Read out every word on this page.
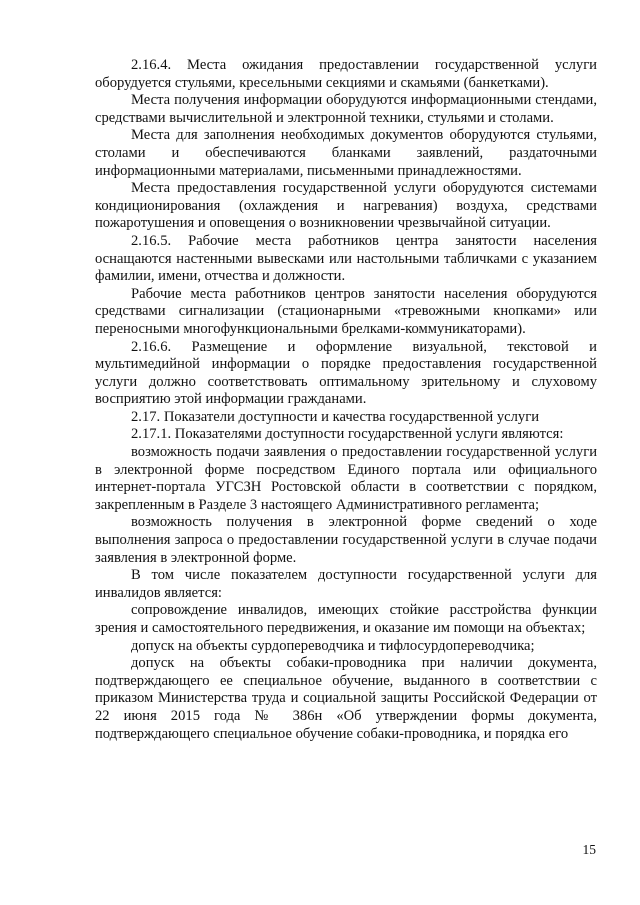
2.16.4. Места ожидания предоставлении государственной услуги оборудуется стульями, кресельными секциями и скамьями (банкетками).

Места получения информации оборудуются информационными стендами, средствами вычислительной и электронной техники, стульями и столами.

Места для заполнения необходимых документов оборудуются стульями, столами и обеспечиваются бланками заявлений, раздаточными информационными материалами, письменными принадлежностями.

Места предоставления государственной услуги оборудуются системами кондиционирования (охлаждения и нагревания) воздуха, средствами пожаротушения и оповещения о возникновении чрезвычайной ситуации.

2.16.5. Рабочие места работников центра занятости населения оснащаются настенными вывесками или настольными табличками с указанием фамилии, имени, отчества и должности.

Рабочие места работников центров занятости населения оборудуются средствами сигнализации (стационарными «тревожными кнопками» или переносными многофункциональными брелками-коммуникаторами).

2.16.6. Размещение и оформление визуальной, текстовой и мультимедийной информации о порядке предоставления государственной услуги должно соответствовать оптимальному зрительному и слуховому восприятию этой информации гражданами.

2.17. Показатели доступности и качества государственной услуги

2.17.1. Показателями доступности государственной услуги являются:

возможность подачи заявления о предоставлении государственной услуги в электронной форме посредством Единого портала или официального интернет-портала УГСЗН Ростовской области в соответствии с порядком, закрепленным в Разделе 3 настоящего Административного регламента;

возможность получения в электронной форме сведений о ходе выполнения запроса о предоставлении государственной услуги в случае подачи заявления в электронной форме.

В том числе показателем доступности государственной услуги для инвалидов является:

сопровождение инвалидов, имеющих стойкие расстройства функции зрения и самостоятельного передвижения, и оказание им помощи на объектах;

допуск на объекты сурдопереводчика и тифлосурдопереводчика;

допуск на объекты собаки-проводника при наличии документа, подтверждающего ее специальное обучение, выданного в соответствии с приказом Министерства труда и социальной защиты Российской Федерации от 22 июня 2015 года № 386н «Об утверждении формы документа, подтверждающего специальное обучение собаки-проводника, и порядка его

15
